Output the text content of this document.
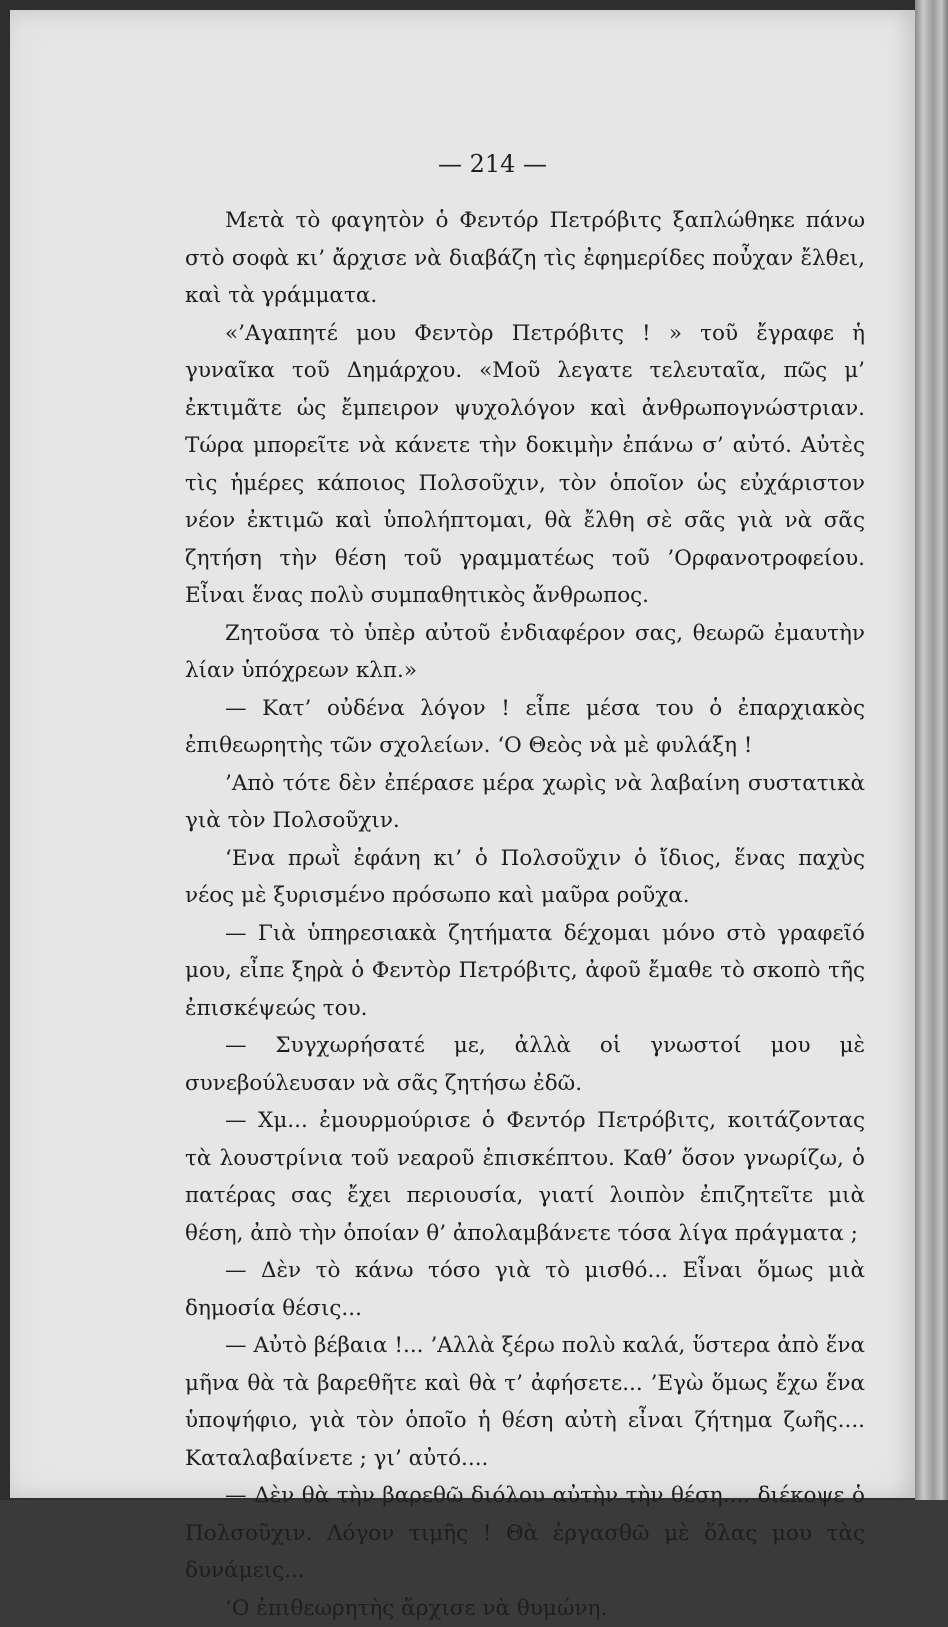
— 214 —

Μετὰ τὸ φαγητὸν ὁ Φεντόρ Πετρόβιτς ξαπλώθηκε πάνω στὸ σοφὰ κι’ ἄρχισε νὰ διαβάζη τὶς ἐφημερίδες ποὖχαν ἔλθει, καὶ τὰ γράμματα.

«’Αγαπητέ μου Φεντὸρ Πετρόβιτς ! » τοῦ ἔγραφε ἡ γυναῖκα τοῦ Δημάρχου. «Μοῦ λεγατε τελευταῖα, πῶς μ’ ἐκτιμᾶτε ὡς ἔμπειρον ψυχολόγον καὶ ἀνθρωπογνώστριαν. Τώρα μπορεῖτε νὰ κάνετε τὴν δοκιμὴν ἐπάνω σ’ αὐτό. Αὐτὲς τὶς ἡμέρες κάποιος Πολσοῦχιν, τὸν ὁποῖον ὡς εὐχάριστον νέον ἐκτιμῶ καὶ ὑπολήπτομαι, θὰ ἔλθη σὲ σᾶς γιὰ νὰ σᾶς ζητήση τὴν θέση τοῦ γραμματέως τοῦ ’Ορφανοτροφείου. Εἶναι ἕνας πολὺ συμπαθητικὸς ἄνθρωπος.

Ζητοῦσα τὸ ὑπὲρ αὐτοῦ ἐνδιαφέρον σας, θεωρῶ ἐμαυτὴν λίαν ὑπόχρεων κλπ.»

— Κατ’ οὐδένα λόγον ! εἶπε μέσα του ὁ ἐπαρχιακὸς ἐπιθεωρητὴς τῶν σχολείων. ‘Ο Θεὸς νὰ μὲ φυλάξη !

’Απὸ τότε δὲν ἐπέρασε μέρα χωρὶς νὰ λαβαίνη συστατικὰ γιὰ τὸν Πολσοῦχιν.

‘Ενα πρωῒ ἐφάνη κι’ ὁ Πολσοῦχιν ὁ ἴδιος, ἕνας παχὺς νέος μὲ ξυρισμένο πρόσωπο καὶ μαῦρα ροῦχα.

— Γιὰ ὑπηρεσιακὰ ζητήματα δέχομαι μόνο στὸ γραφεῖό μου, εἶπε ξηρὰ ὁ Φεντὸρ Πετρόβιτς, ἀφοῦ ἔμαθε τὸ σκοπὸ τῆς ἐπισκέψεώς του.

— Συγχωρήσατέ με, ἀλλὰ οἱ γνωστοί μου μὲ συνεβούλευσαν νὰ σᾶς ζητήσω ἐδῶ.

— Χμ... ἐμουρμούρισε ὁ Φεντόρ Πετρόβιτς, κοιτάζοντας τὰ λουστρίνια τοῦ νεαροῦ ἐπισκέπτου. Καθ’ ὅσον γνωρίζω, ὁ πατέρας σας ἔχει περιουσία, γιατί λοιπὸν ἐπιζητεῖτε μιὰ θέση, ἀπὸ τὴν ὁποίαν θ’ ἀπολαμβάνετε τόσα λίγα πράγματα ;

— Δὲν τὸ κάνω τόσο γιὰ τὸ μισθό... Εἶναι ὅμως μιὰ δημοσία θέσις...

— Αὐτὸ βέβαια !... ’Αλλὰ ξέρω πολὺ καλά, ὕστερα ἀπὸ ἕνα μῆνα θὰ τὰ βαρεθῆτε καὶ θὰ τ’ ἀφήσετε... ’Εγὼ ὅμως ἔχω ἕνα ὑποψήφιο, γιὰ τὸν ὁποῖο ἡ θέση αὐτὴ εἶναι ζήτημα ζωῆς.... Καταλαβαίνετε ; γι’ αὐτό....

— Δὲν θὰ τὴν βαρεθῶ διόλου αὐτὴν τὴν θέση.... διέκοψε ὁ Πολσοῦχιν. Λόγον τιμῆς ! Θὰ ἐργασθῶ μὲ ὅλας μου τὰς δυνάμεις...

‘Ο ἐπιθεωρητὴς ἄρχισε νὰ θυμώνη.
